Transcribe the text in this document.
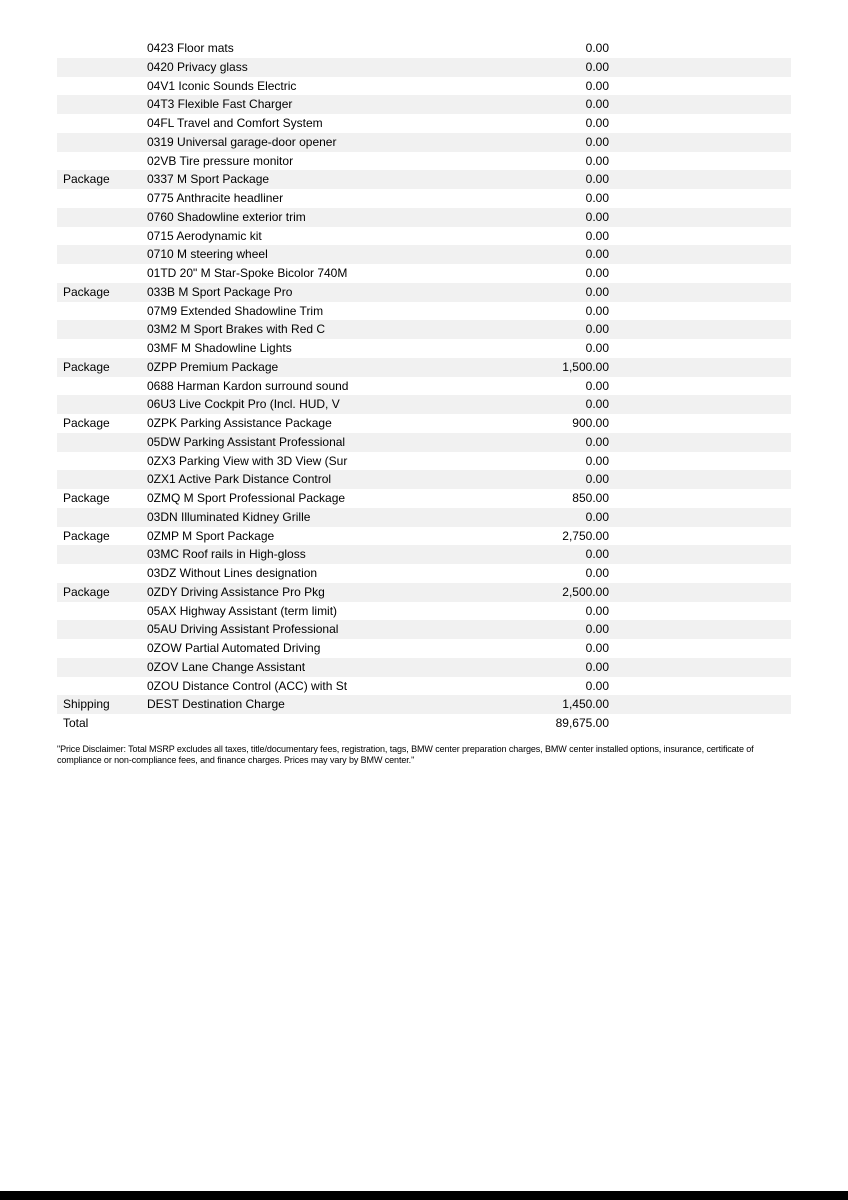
0423 Floor mats	0.00
0420 Privacy glass	0.00
04V1 Iconic Sounds Electric	0.00
04T3 Flexible Fast Charger	0.00
04FL Travel and Comfort System	0.00
0319 Universal garage-door opener	0.00
02VB Tire pressure monitor	0.00
Package	0337 M Sport Package	0.00
0775 Anthracite headliner	0.00
0760 Shadowline exterior trim	0.00
0715 Aerodynamic kit	0.00
0710 M steering wheel	0.00
01TD 20" M Star-Spoke Bicolor 740M	0.00
Package	033B M Sport Package Pro	0.00
07M9 Extended Shadowline Trim	0.00
03M2 M Sport Brakes with Red C	0.00
03MF M Shadowline Lights	0.00
Package	0ZPP Premium Package	1,500.00
0688 Harman Kardon surround sound	0.00
06U3 Live Cockpit Pro (Incl. HUD, V	0.00
Package	0ZPK Parking Assistance Package	900.00
05DW Parking Assistant Professional	0.00
0ZX3 Parking View with 3D View (Sur	0.00
0ZX1 Active Park Distance Control	0.00
Package	0ZMQ M Sport Professional Package	850.00
03DN Illuminated Kidney Grille	0.00
Package	0ZMP M Sport Package	2,750.00
03MC Roof rails in High-gloss	0.00
03DZ Without Lines designation	0.00
Package	0ZDY Driving Assistance Pro Pkg	2,500.00
05AX Highway Assistant (term limit)	0.00
05AU Driving Assistant Professional	0.00
0ZOW Partial Automated Driving	0.00
0ZOV Lane Change Assistant	0.00
0ZOU Distance Control (ACC) with St	0.00
Shipping	DEST Destination Charge	1,450.00
Total	89,675.00
"Price Disclaimer: Total MSRP excludes all taxes, title/documentary fees, registration, tags, BMW center preparation charges, BMW center installed options, insurance, certificate of compliance or non-compliance fees, and finance charges. Prices may vary by BMW center."
